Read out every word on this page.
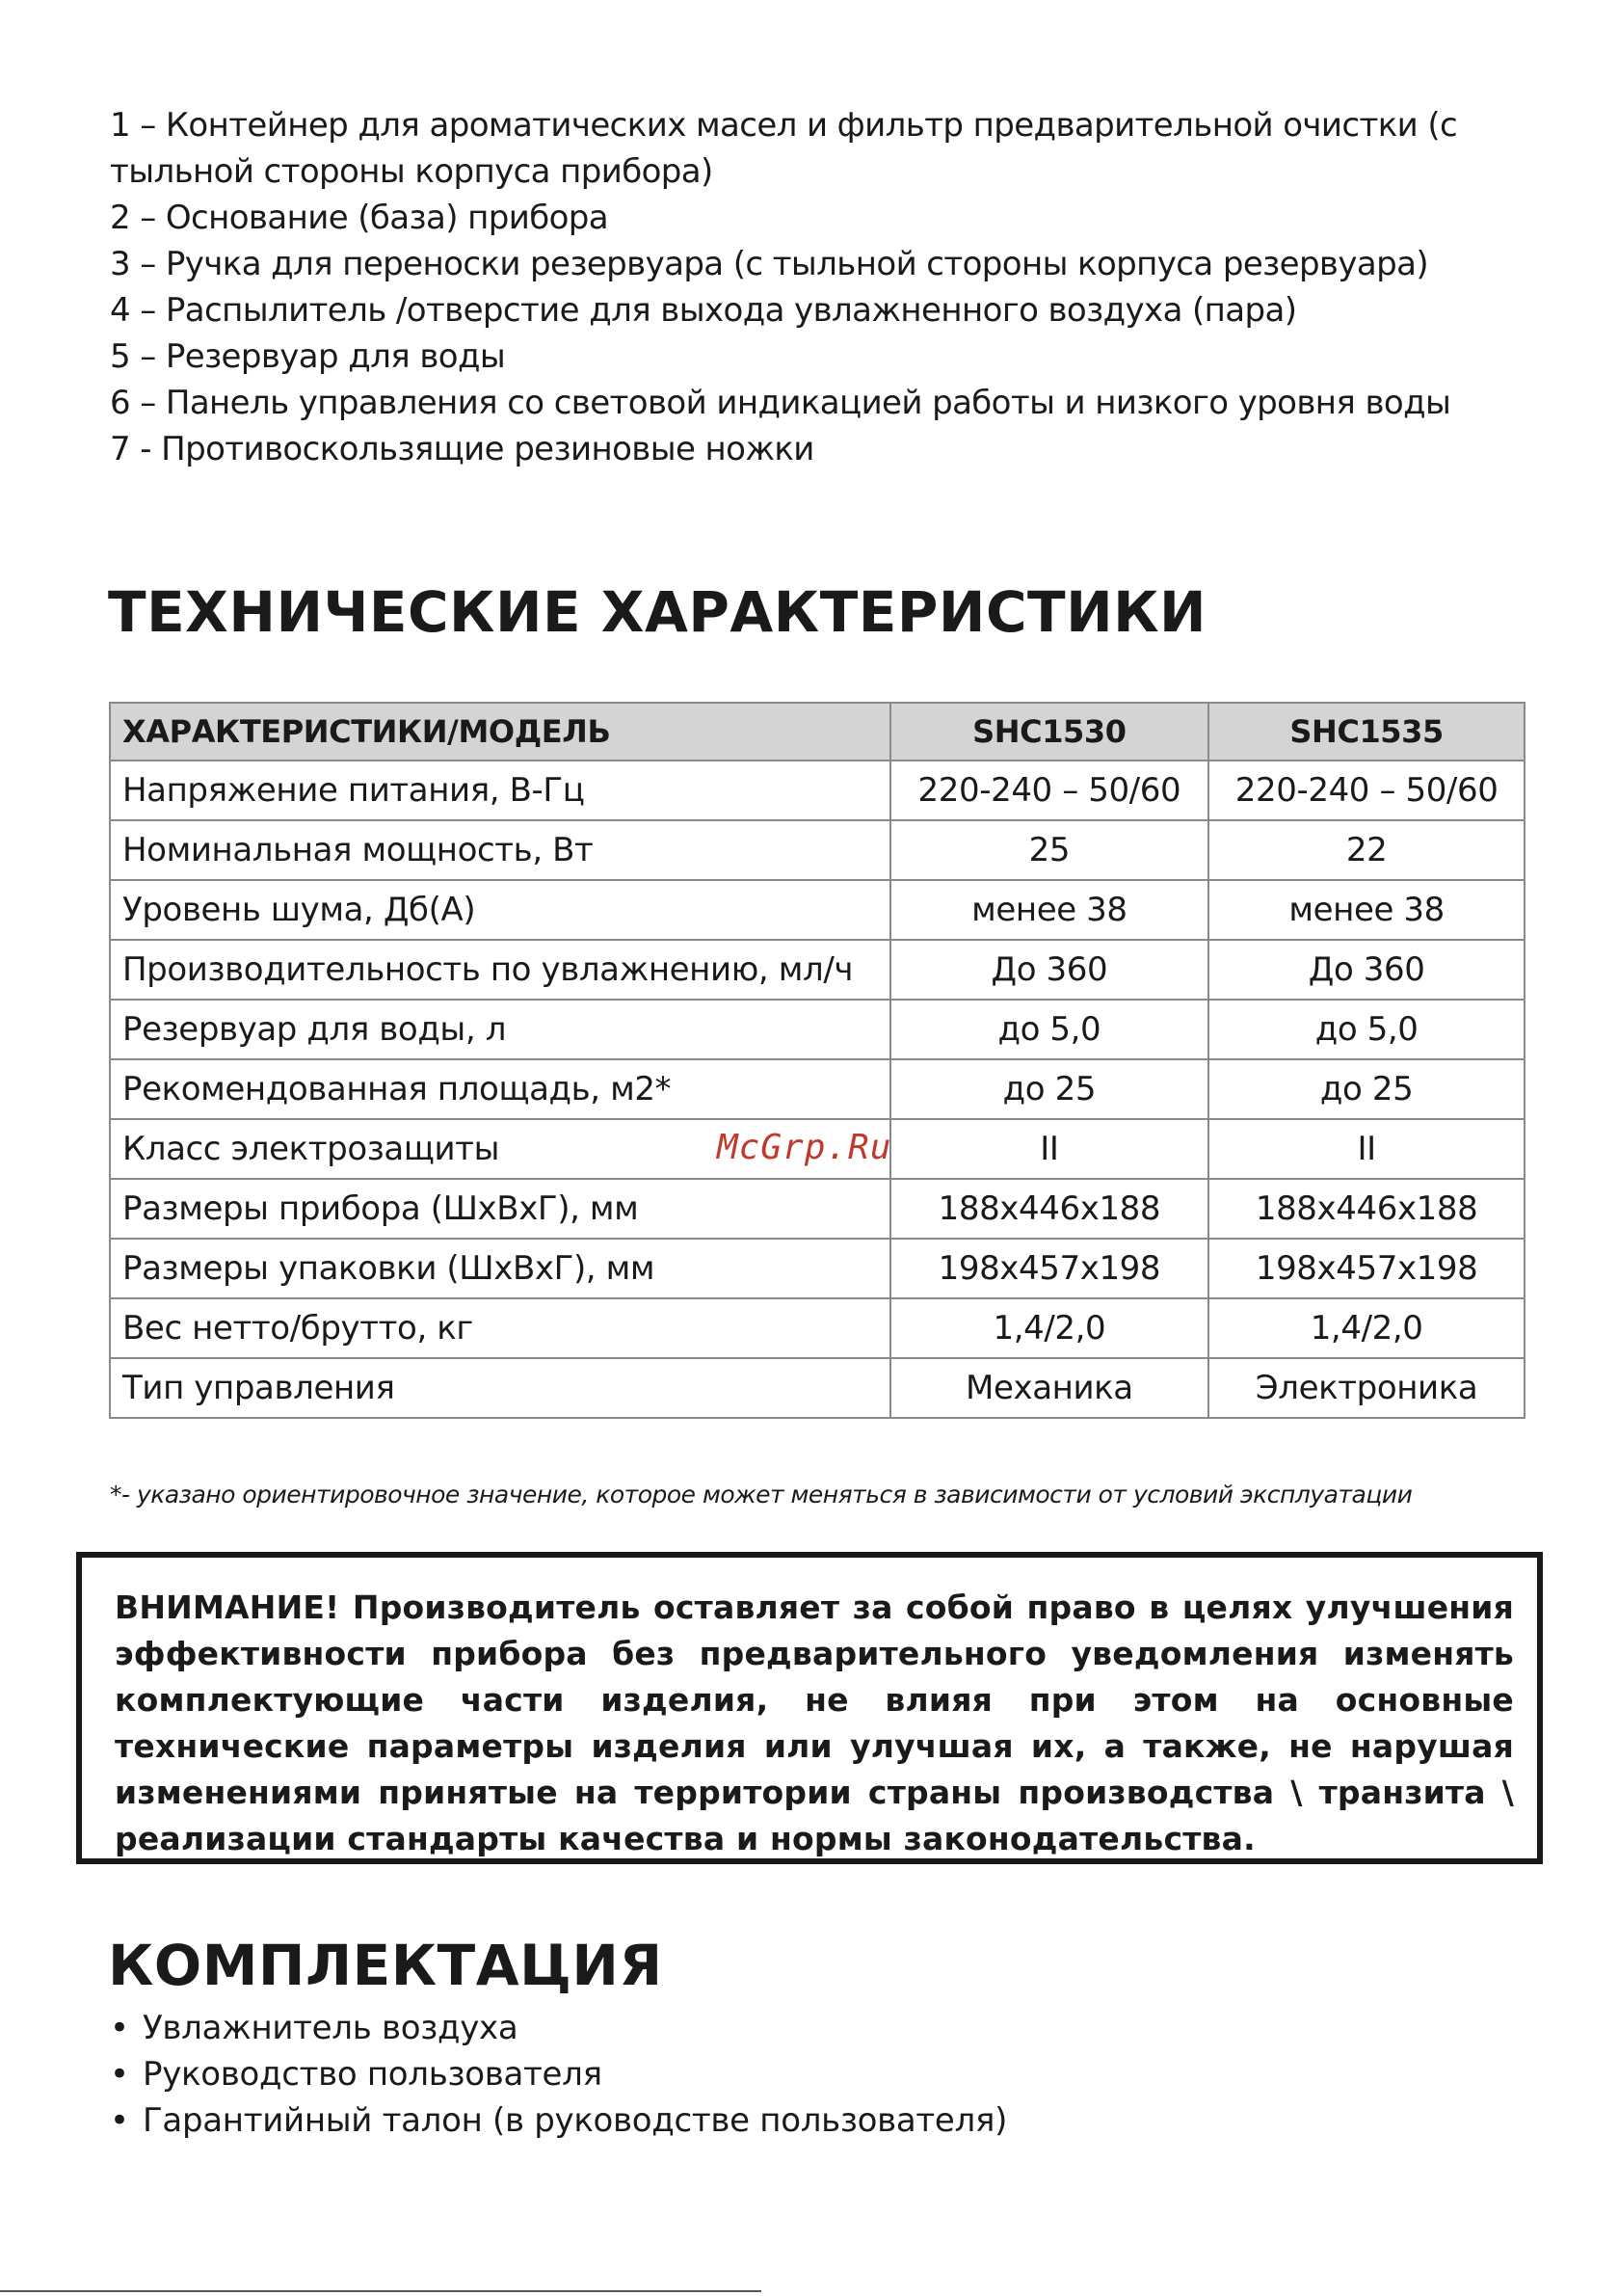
1 – Контейнер для ароматических масел и фильтр предварительной очистки (с тыльной стороны корпуса прибора)
2 – Основание (база) прибора
3 – Ручка для переноски резервуара (с тыльной стороны корпуса резервуара)
4 – Распылитель /отверстие для выхода увлажненного воздуха (пара)
5 – Резервуар для воды
6 – Панель управления со световой индикацией работы и низкого уровня воды
7 - Противоскользящие резиновые ножки
ТЕХНИЧЕСКИЕ ХАРАКТЕРИСТИКИ
ХАРАКТЕРИСТИКИ/МОДЕЛЬ	SHC1530	SHC1535
Напряжение питания, В-Гц	220-240 – 50/60	220-240 – 50/60
Номинальная мощность, Вт	25	22
Уровень шума, Дб(А)	менее 38	менее 38
Производительность по увлажнению, мл/ч	До 360	До 360
Резервуар для воды, л	до 5,0	до 5,0
Рекомендованная площадь, м2*	до 25	до 25
Класс электрозащиты	II	II
Размеры прибора (ШхВхГ), мм	188х446х188	188х446х188
Размеры упаковки (ШхВхГ), мм	198х457х198	198х457х198
Вес нетто/брутто, кг	1,4/2,0	1,4/2,0
Тип управления	Механика	Электроника
McGrp.Ru
*- указано ориентировочное значение, которое может меняться в зависимости от условий эксплуатации

ВНИМАНИЕ! Производитель оставляет за собой право в целях улучшения эффективности прибора без предварительного уведомления изменять комплектующие части изделия, не влияя при этом на основные технические параметры изделия или улучшая их, а также, не нарушая изменениями принятые на территории страны производства \ транзита \ реализации стандарты качества и нормы законодательства.

КОМПЛЕКТАЦИЯ
• Увлажнитель воздуха
• Руководство пользователя
• Гарантийный талон (в руководстве пользователя)
